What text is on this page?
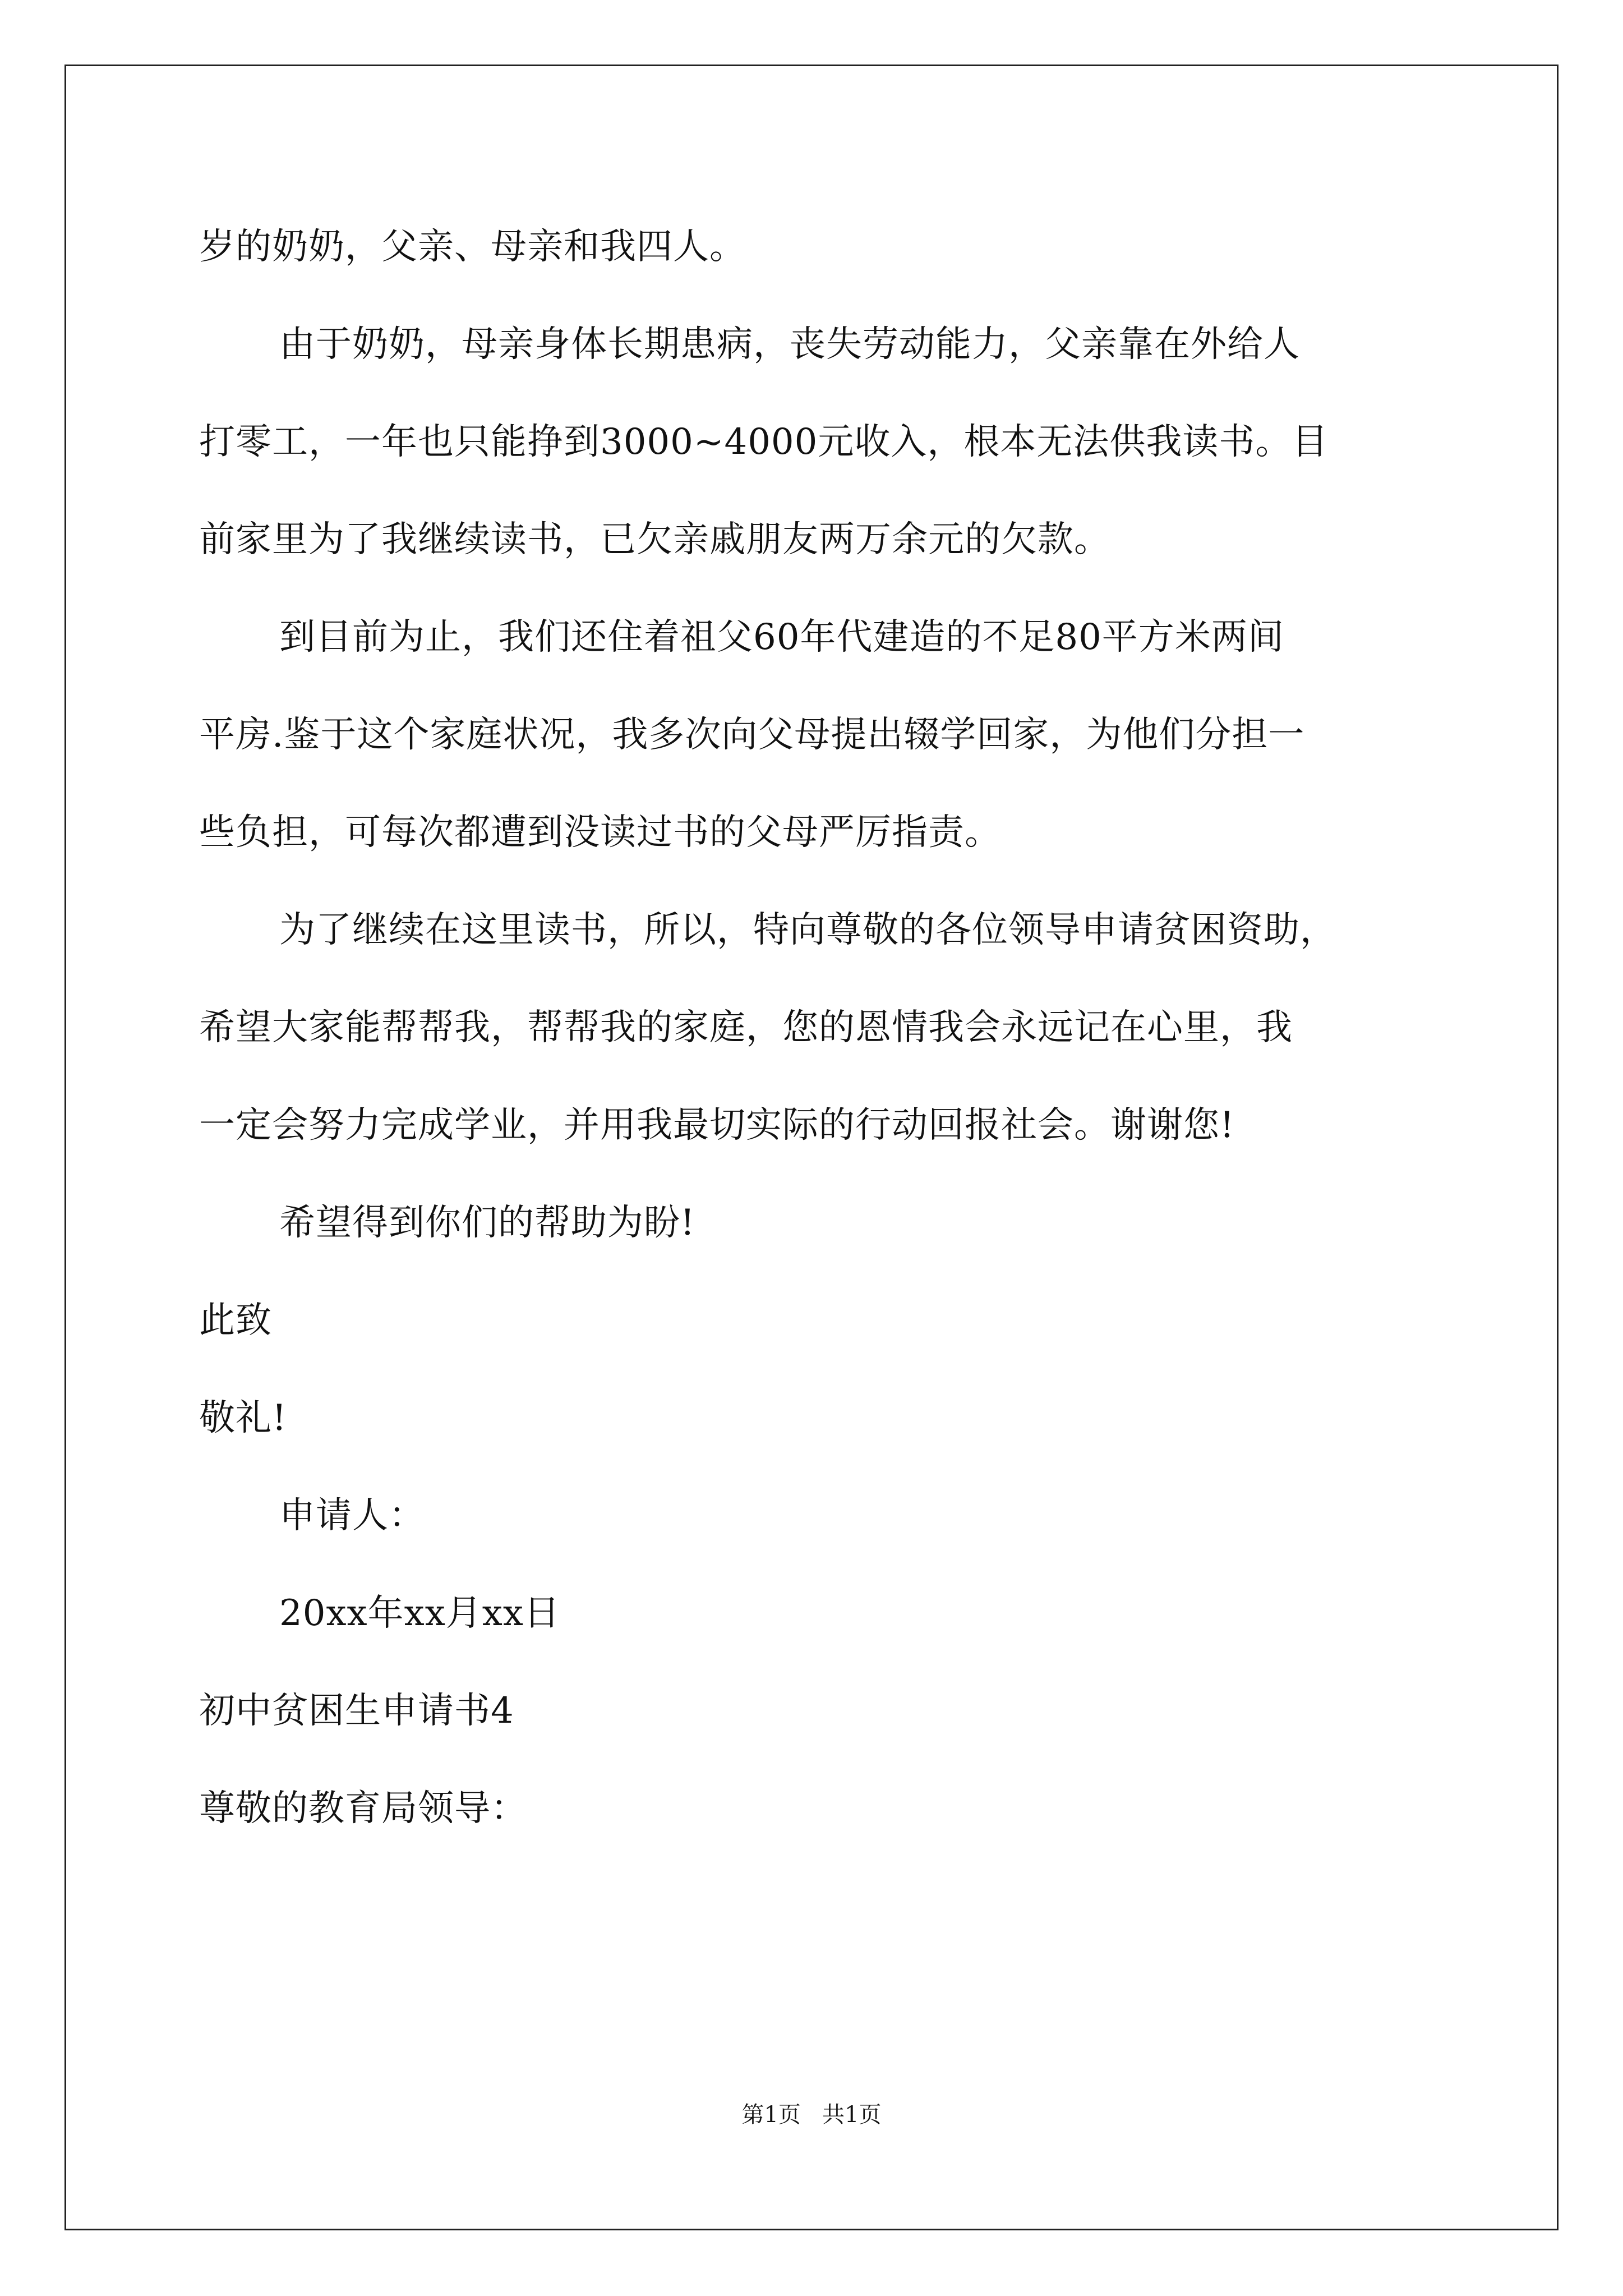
岁的奶奶，父亲、母亲和我四人。
由于奶奶，母亲身体长期患病，丧失劳动能力，父亲靠在外给人
打零工，一年也只能挣到3000~4000元收入，根本无法供我读书。目
前家里为了我继续读书，已欠亲戚朋友两万余元的欠款。
到目前为止，我们还住着祖父60年代建造的不足80平方米两间
平房.鉴于这个家庭状况，我多次向父母提出辍学回家，为他们分担一
些负担，可每次都遭到没读过书的父母严厉指责。
为了继续在这里读书，所以，特向尊敬的各位领导申请贫困资助，
希望大家能帮帮我，帮帮我的家庭，您的恩情我会永远记在心里，我
一定会努力完成学业，并用我最切实际的行动回报社会。谢谢您!
希望得到你们的帮助为盼!
此致
敬礼!
申请人：
20xx年xx月xx日
初中贫困生申请书4
尊敬的教育局领导：
第1页   共1页
